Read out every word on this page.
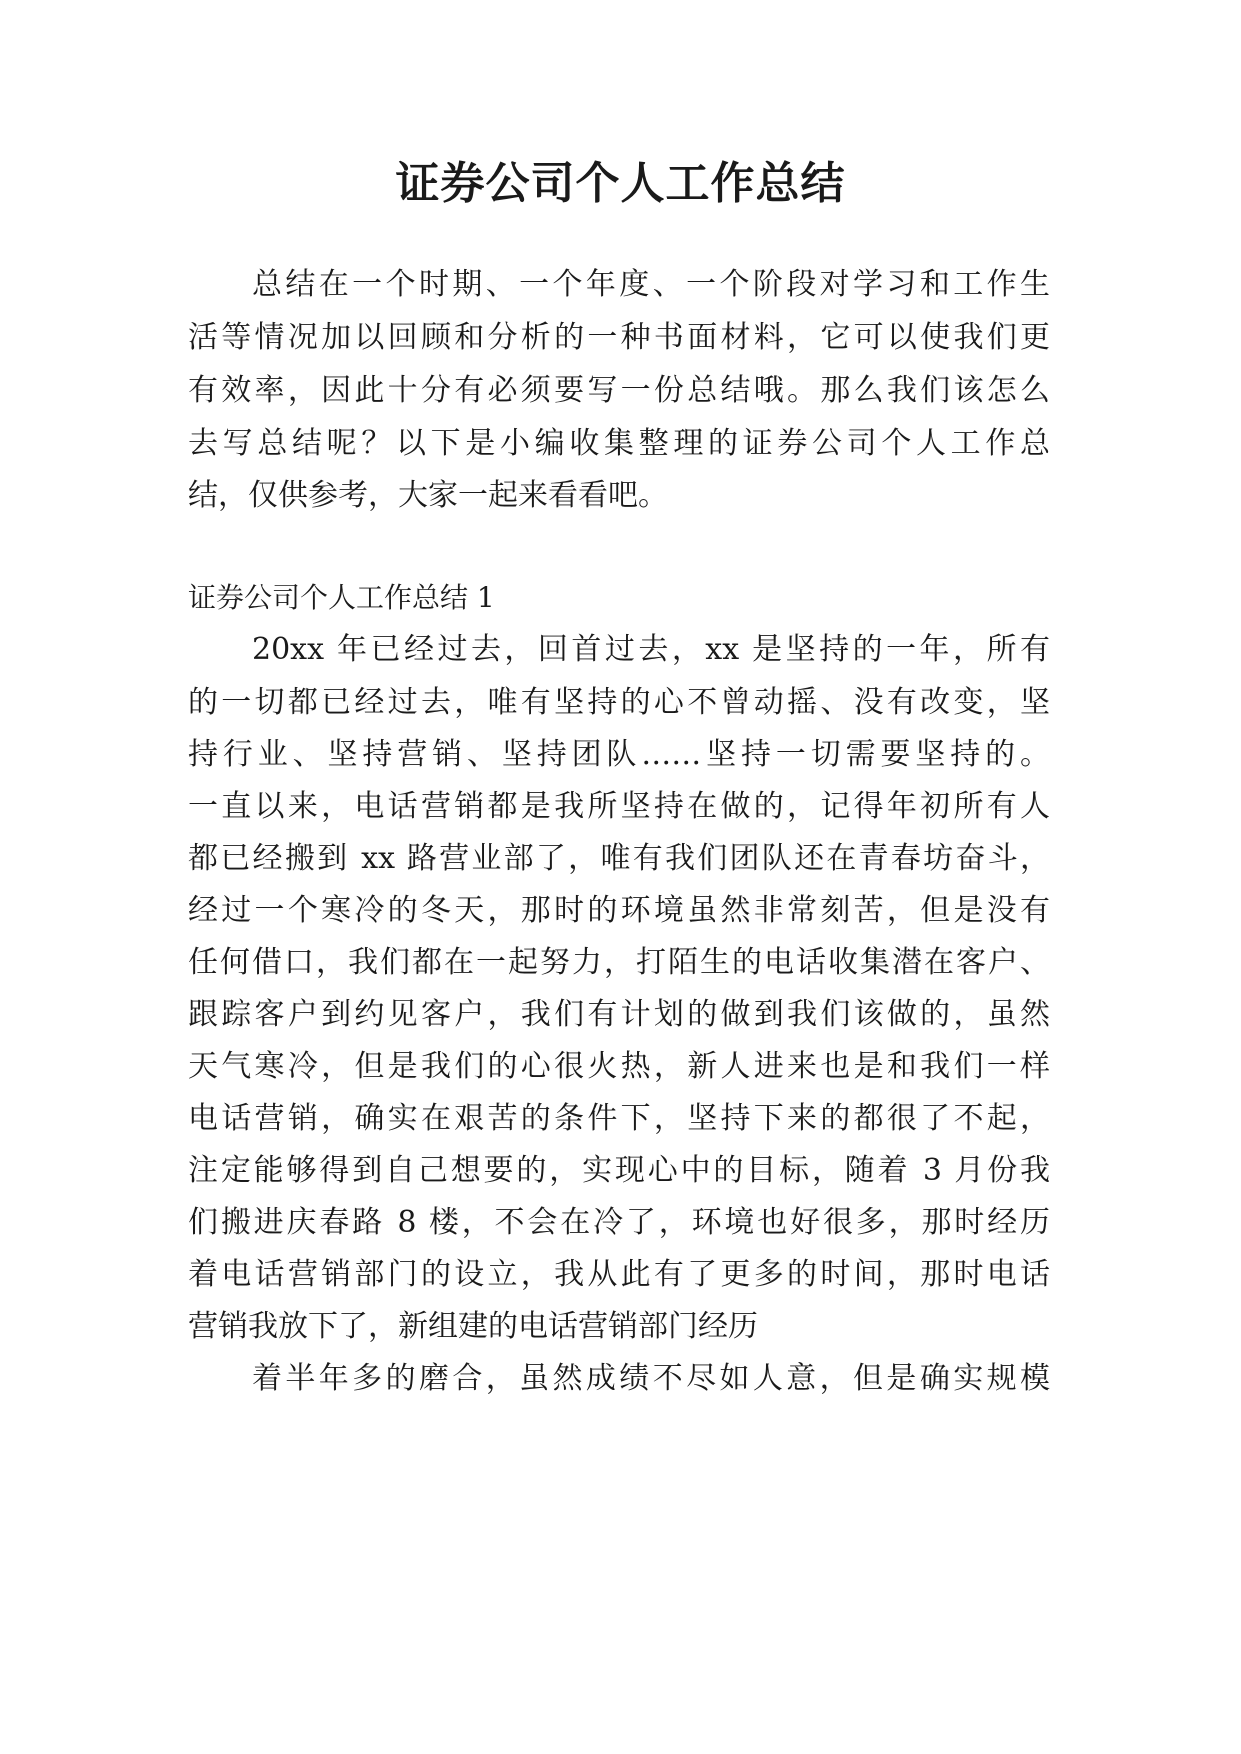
证券公司个人工作总结

总结在一个时期、一个年度、一个阶段对学习和工作生

活等情况加以回顾和分析的一种书面材料，它可以使我们更

有效率，因此十分有必须要写一份总结哦。那么我们该怎么

去写总结呢？以下是小编收集整理的证券公司个人工作总

结，仅供参考，大家一起来看看吧。

证券公司个人工作总结 1

20xx 年已经过去，回首过去，xx 是坚持的一年，所有

的一切都已经过去，唯有坚持的心不曾动摇、没有改变，坚

持行业、坚持营销、坚持团队……坚持一切需要坚持的。

一直以来，电话营销都是我所坚持在做的，记得年初所有人

都已经搬到 xx 路营业部了，唯有我们团队还在青春坊奋斗，

经过一个寒冷的冬天，那时的环境虽然非常刻苦，但是没有

任何借口，我们都在一起努力，打陌生的电话收集潜在客户、

跟踪客户到约见客户，我们有计划的做到我们该做的，虽然

天气寒冷，但是我们的心很火热，新人进来也是和我们一样

电话营销，确实在艰苦的条件下，坚持下来的都很了不起，

注定能够得到自己想要的，实现心中的目标，随着 3 月份我

们搬进庆春路 8 楼，不会在冷了，环境也好很多，那时经历

着电话营销部门的设立，我从此有了更多的时间，那时电话

营销我放下了，新组建的电话营销部门经历

着半年多的磨合，虽然成绩不尽如人意，但是确实规模
